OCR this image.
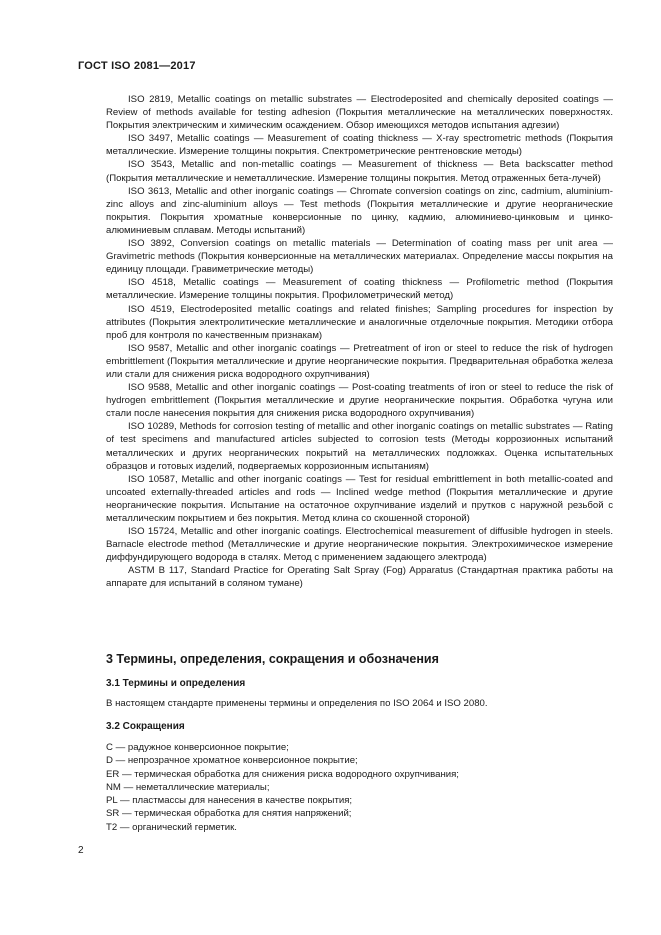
ГОСТ ISO 2081—2017

ISO 2819, Metallic coatings on metallic substrates — Electrodeposited and chemically deposited coatings — Review of methods available for testing adhesion (Покрытия металлические на металлических поверхностях. Покрытия электрическим и химическим осаждением. Обзор имеющихся методов испытания адгезии)

ISO 3497, Metallic coatings — Measurement of coating thickness — X-ray spectrometric methods (Покрытия металлические. Измерение толщины покрытия. Спектрометрические рентгеновские методы)

ISO 3543, Metallic and non-metallic coatings — Measurement of thickness — Beta backscatter method (Покрытия металлические и неметаллические. Измерение толщины покрытия. Метод отраженных бета-лучей)

ISO 3613, Metallic and other inorganic coatings — Chromate conversion coatings on zinc, cadmium, aluminium-zinc alloys and zinc-aluminium alloys — Test methods (Покрытия металлические и другие неорганические покрытия. Покрытия хроматные конверсионные по цинку, кадмию, алюминиево-цинковым и цинко-алюминиевым сплавам. Методы испытаний)

ISO 3892, Conversion coatings on metallic materials — Determination of coating mass per unit area — Gravimetric methods (Покрытия конверсионные на металлических материалах. Определение массы покрытия на единицу площади. Гравиметрические методы)

ISO 4518, Metallic coatings — Measurement of coating thickness — Profilometric method (Покрытия металлические. Измерение толщины покрытия. Профилометрический метод)

ISO 4519, Electrodeposited metallic coatings and related finishes; Sampling procedures for inspection by attributes (Покрытия электролитические металлические и аналогичные отделочные покрытия. Методики отбора проб для контроля по качественным признакам)

ISO 9587, Metallic and other inorganic coatings — Pretreatment of iron or steel to reduce the risk of hydrogen embrittlement (Покрытия металлические и другие неорганические покрытия. Предварительная обработка железа или стали для снижения риска водородного охрупчивания)

ISO 9588, Metallic and other inorganic coatings — Post-coating treatments of iron or steel to reduce the risk of hydrogen embrittlement (Покрытия металлические и другие неорганические покрытия. Обработка чугуна или стали после нанесения покрытия для снижения риска водородного охрупчивания)

ISO 10289, Methods for corrosion testing of metallic and other inorganic coatings on metallic substrates — Rating of test specimens and manufactured articles subjected to corrosion tests (Методы коррозионных испытаний металлических и других неорганических покрытий на металлических подложках. Оценка испытательных образцов и готовых изделий, подвергаемых коррозионным испытаниям)

ISO 10587, Metallic and other inorganic coatings — Test for residual embrittlement in both metallic-coated and uncoated externally-threaded articles and rods — Inclined wedge method (Покрытия металлические и другие неорганические покрытия. Испытание на остаточное охрупчивание изделий и прутков с наружной резьбой с металлическим покрытием и без покрытия. Метод клина со скошенной стороной)

ISO 15724, Metallic and other inorganic coatings. Electrochemical measurement of diffusible hydrogen in steels. Barnacle electrode method (Металлические и другие неорганические покрытия. Электрохимическое измерение диффундирующего водорода в сталях. Метод с применением задающего электрода)

ASTM B 117, Standard Practice for Operating Salt Spray (Fog) Apparatus (Стандартная практика работы на аппарате для испытаний в соляном тумане)

3 Термины, определения, сокращения и обозначения
3.1 Термины и определения
В настоящем стандарте применены термины и определения по ISO 2064 и ISO 2080.
3.2 Сокращения
C — радужное конверсионное покрытие;
D — непрозрачное хроматное конверсионное покрытие;
ER — термическая обработка для снижения риска водородного охрупчивания;
NM — неметаллические материалы;
PL — пластмассы для нанесения в качестве покрытия;
SR — термическая обработка для снятия напряжений;
T2 — органический герметик.
2
